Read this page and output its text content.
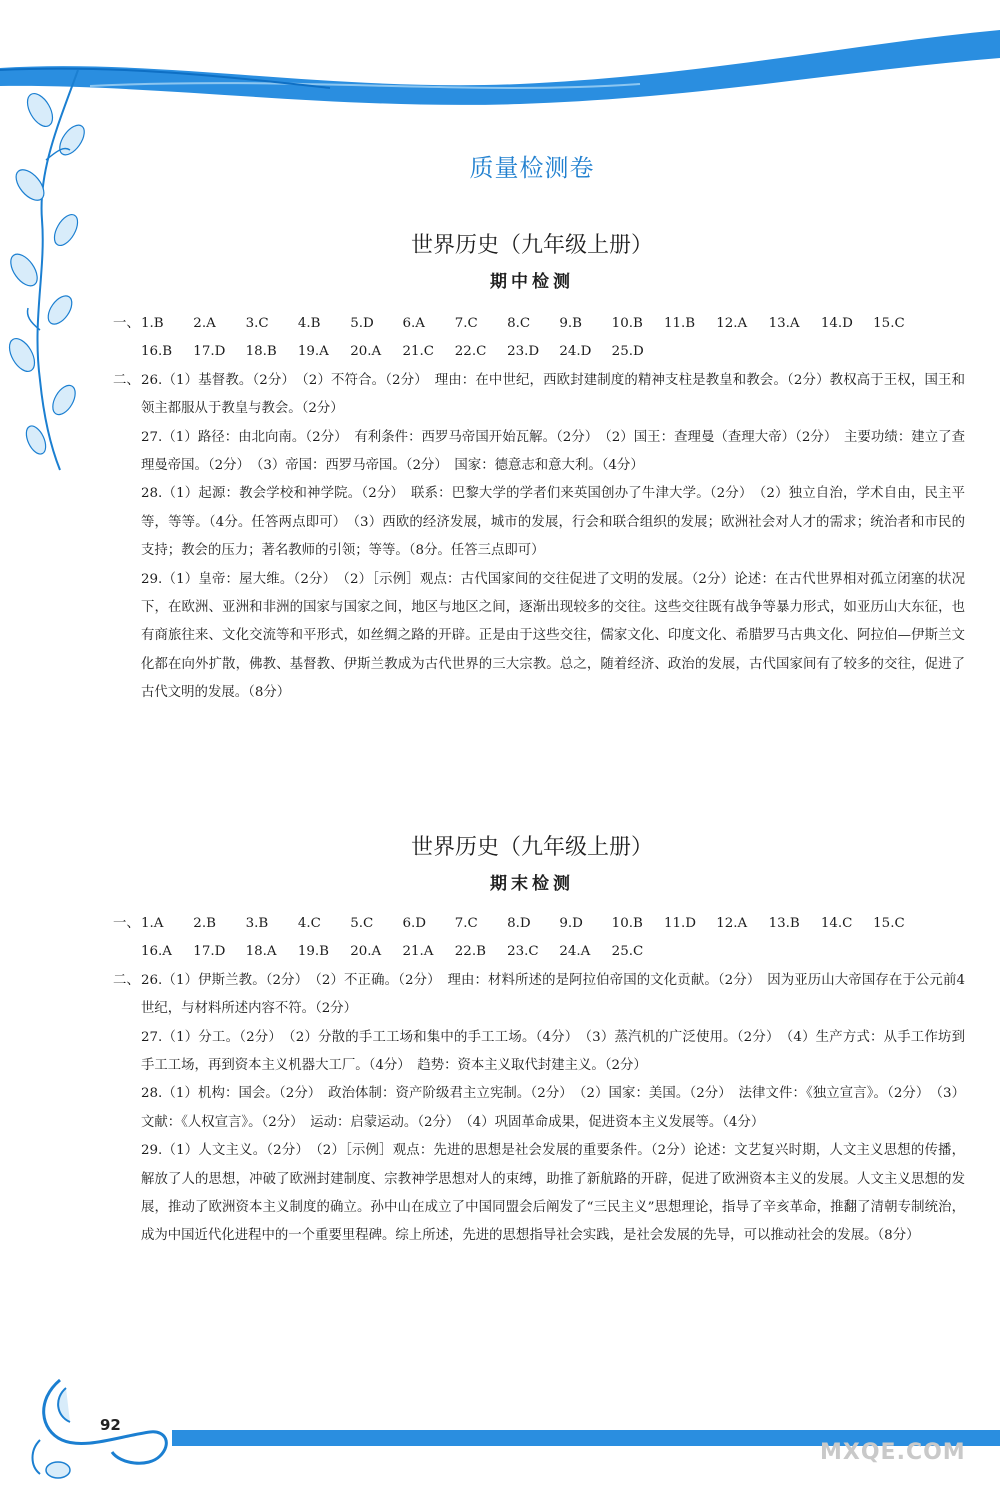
质量检测卷
世界历史（九年级上册）
期中检测
一、 1.B	2.A	3.C	4.B	5.D	6.A	7.C	8.C	9.B	10.B	11.B	12.A	13.A	14.D	15.C
16.B	17.D	18.B	19.A	20.A	21.C	22.C	23.D	24.D	25.D
二、 26.（1）基督教。（2分）　（2）不符合。（2分）　理由：在中世纪，西欧封建制度的精神支柱是教皇和教会。（2分）教权高于王权，国王和领主都服从于教皇与教会。（2分）
27.（1）路径：由北向南。（2分）　有利条件：西罗马帝国开始瓦解。（2分）　（2）国王：查理曼（查理大帝）（2分）　主要功绩：建立了查理曼帝国。（2分）　（3）帝国：西罗马帝国。（2分）　国家：德意志和意大利。（4分）
28.（1）起源：教会学校和神学院。（2分）　联系：巴黎大学的学者们来英国创办了牛津大学。（2分）　（2）独立自治，学术自由，民主平等，等等。（4分。任答两点即可）　（3）西欧的经济发展，城市的发展，行会和联合组织的发展；欧洲社会对人才的需求；统治者和市民的支持；教会的压力；著名教师的引领；等等。（8分。任答三点即可）
29.（1）皇帝：屋大维。（2分）　（2）［示例］观点：古代国家间的交往促进了文明的发展。（2分）论述：在古代世界相对孤立闭塞的状况下，在欧洲、亚洲和非洲的国家与国家之间，地区与地区之间，逐渐出现较多的交往。这些交往既有战争等暴力形式，如亚历山大东征，也有商旅往来、文化交流等和平形式，如丝绸之路的开辟。正是由于这些交往，儒家文化、印度文化、希腊罗马古典文化、阿拉伯—伊斯兰文化都在向外扩散，佛教、基督教、伊斯兰教成为古代世界的三大宗教。总之，随着经济、政治的发展，古代国家间有了较多的交往，促进了古代文明的发展。（8分）
世界历史（九年级上册）
期末检测
一、 1.A	2.B	3.B	4.C	5.C	6.D	7.C	8.D	9.D	10.B	11.D	12.A	13.B	14.C	15.C
16.A	17.D	18.A	19.B	20.A	21.A	22.B	23.C	24.A	25.C
二、 26.（1）伊斯兰教。（2分）　（2）不正确。（2分）　理由：材料所述的是阿拉伯帝国的文化贡献。（2分）　因为亚历山大帝国存在于公元前4世纪，与材料所述内容不符。（2分）
27.（1）分工。（2分）　（2）分散的手工工场和集中的手工工场。（4分）　（3）蒸汽机的广泛使用。（2分）　（4）生产方式：从手工作坊到手工工场，再到资本主义机器大工厂。（4分）　趋势：资本主义取代封建主义。（2分）
28.（1）机构：国会。（2分）　政治体制：资产阶级君主立宪制。（2分）　（2）国家：美国。（2分）　法律文件：《独立宣言》。（2分）　（3）文献：《人权宣言》。（2分）　运动：启蒙运动。（2分）　（4）巩固革命成果，促进资本主义发展等。（4分）
29.（1）人文主义。（2分）　（2）［示例］观点：先进的思想是社会发展的重要条件。（2分）论述：文艺复兴时期，人文主义思想的传播，解放了人的思想，冲破了欧洲封建制度、宗教神学思想对人的束缚，助推了新航路的开辟，促进了欧洲资本主义的发展。人文主义思想的发展，推动了欧洲资本主义制度的确立。孙中山在成立了中国同盟会后阐发了“三民主义”思想理论，指导了辛亥革命，推翻了清朝专制统治，成为中国近代化进程中的一个重要里程碑。综上所述，先进的思想指导社会实践，是社会发展的先导，可以推动社会的发展。（8分）
92
MXQE.COM
